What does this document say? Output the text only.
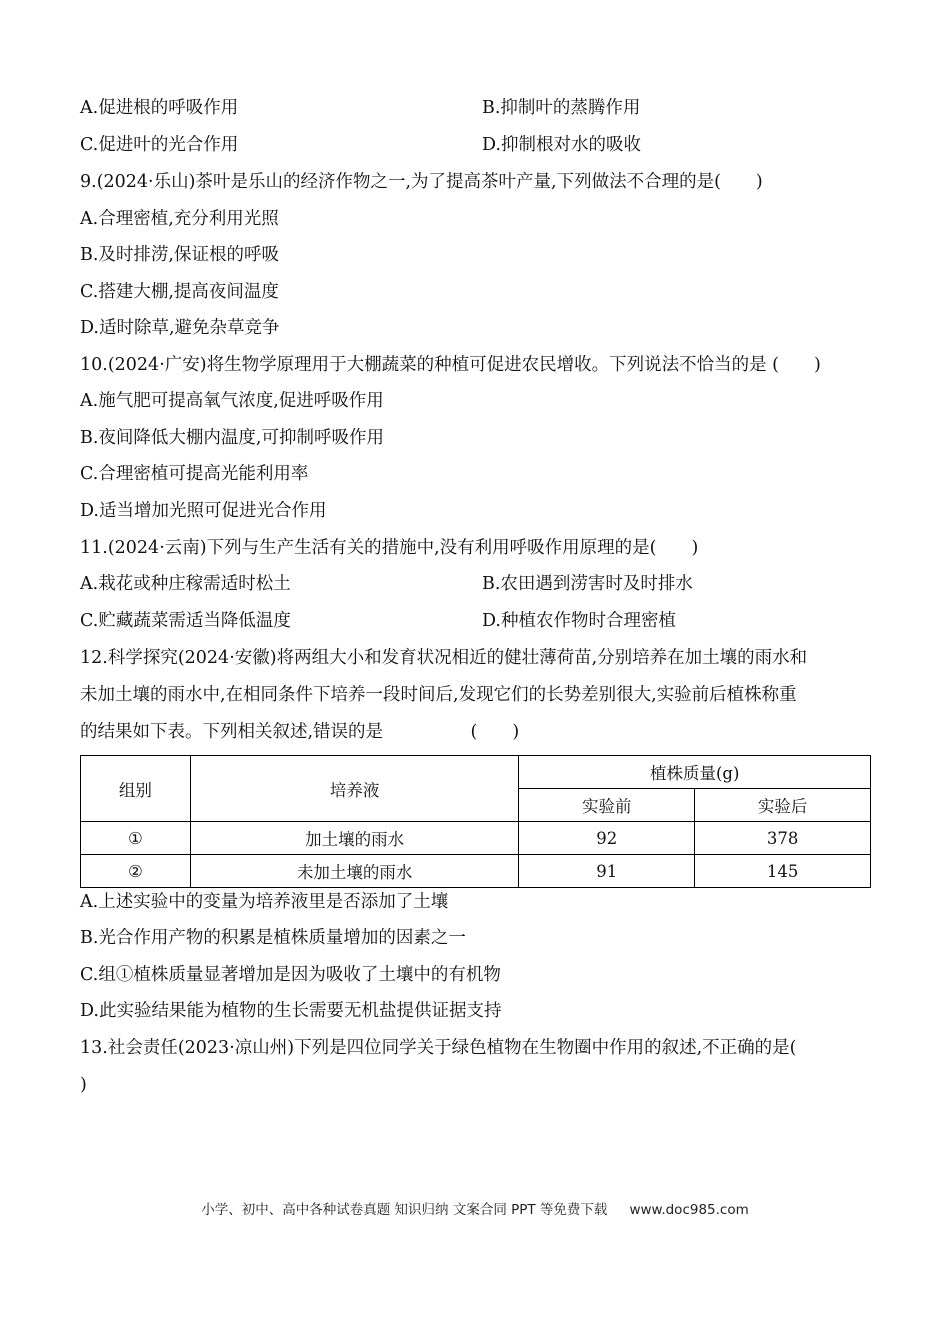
A.促进根的呼吸作用	B.抑制叶的蒸腾作用
C.促进叶的光合作用	D.抑制根对水的吸收
9.(2024·乐山)茶叶是乐山的经济作物之一,为了提高茶叶产量,下列做法不合理的是(　　)
A.合理密植,充分利用光照
B.及时排涝,保证根的呼吸
C.搭建大棚,提高夜间温度
D.适时除草,避免杂草竞争
10.(2024·广安)将生物学原理用于大棚蔬菜的种植可促进农民增收。下列说法不恰当的是 (　　)
A.施气肥可提高氧气浓度,促进呼吸作用
B.夜间降低大棚内温度,可抑制呼吸作用
C.合理密植可提高光能利用率
D.适当增加光照可促进光合作用
11.(2024·云南)下列与生产生活有关的措施中,没有利用呼吸作用原理的是(　　)
A.栽花或种庄稼需适时松土	B.农田遇到涝害时及时排水
C.贮藏蔬菜需适当降低温度	D.种植农作物时合理密植
12.科学探究(2024·安徽)将两组大小和发育状况相近的健壮薄荷苗,分别培养在加土壤的雨水和
未加土壤的雨水中,在相同条件下培养一段时间后,发现它们的长势差别很大,实验前后植株称重
的结果如下表。下列相关叙述,错误的是　　　　　(　　)
组别	培养液	植株质量(g)	
		实验前	实验后
①	加土壤的雨水	92	378
②	未加土壤的雨水	91	145
A.上述实验中的变量为培养液里是否添加了土壤
B.光合作用产物的积累是植株质量增加的因素之一
C.组①植株质量显著增加是因为吸收了土壤中的有机物
D.此实验结果能为植物的生长需要无机盐提供证据支持
13.社会责任(2023·凉山州)下列是四位同学关于绿色植物在生物圈中作用的叙述,不正确的是(
)
小学、初中、高中各种试卷真题 知识归纳 文案合同 PPT 等免费下载 www.doc985.com
